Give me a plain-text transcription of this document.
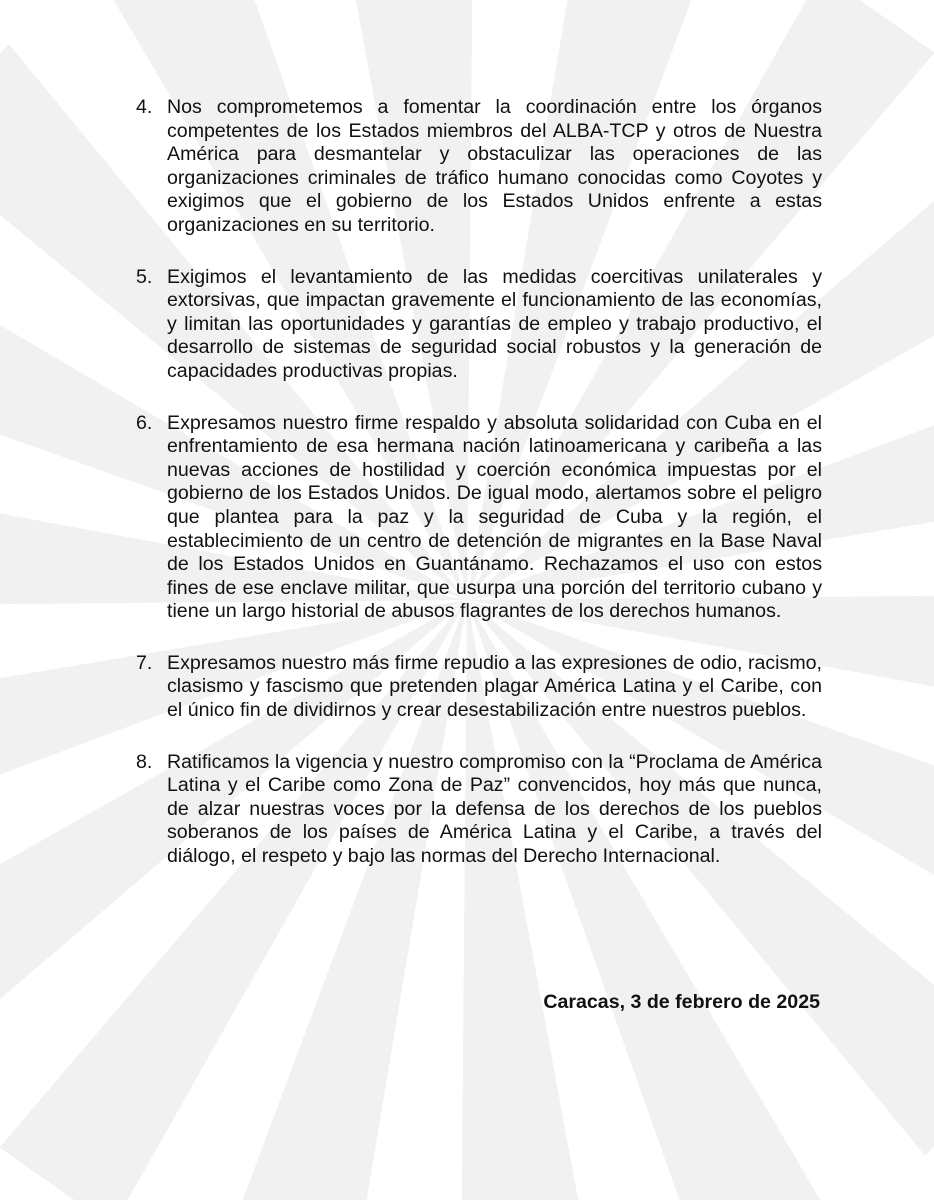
4. Nos comprometemos a fomentar la coordinación entre los órganos competentes de los Estados miembros del ALBA-TCP y otros de Nuestra América para desmantelar y obstaculizar las operaciones de las organizaciones criminales de tráfico humano conocidas como Coyotes y exigimos que el gobierno de los Estados Unidos enfrente a estas organizaciones en su territorio.
5. Exigimos el levantamiento de las medidas coercitivas unilaterales y extorsivas, que impactan gravemente el funcionamiento de las economías, y limitan las oportunidades y garantías de empleo y trabajo productivo, el desarrollo de sistemas de seguridad social robustos y la generación de capacidades productivas propias.
6. Expresamos nuestro firme respaldo y absoluta solidaridad con Cuba en el enfrentamiento de esa hermana nación latinoamericana y caribeña a las nuevas acciones de hostilidad y coerción económica impuestas por el gobierno de los Estados Unidos. De igual modo, alertamos sobre el peligro que plantea para la paz y la seguridad de Cuba y la región, el establecimiento de un centro de detención de migrantes en la Base Naval de los Estados Unidos en Guantánamo. Rechazamos el uso con estos fines de ese enclave militar, que usurpa una porción del territorio cubano y tiene un largo historial de abusos flagrantes de los derechos humanos.
7. Expresamos nuestro más firme repudio a las expresiones de odio, racismo, clasismo y fascismo que pretenden plagar América Latina y el Caribe, con el único fin de dividirnos y crear desestabilización entre nuestros pueblos.
8. Ratificamos la vigencia y nuestro compromiso con la “Proclama de América Latina y el Caribe como Zona de Paz” convencidos, hoy más que nunca, de alzar nuestras voces por la defensa de los derechos de los pueblos soberanos de los países de América Latina y el Caribe, a través del diálogo, el respeto y bajo las normas del Derecho Internacional.
Caracas, 3 de febrero de 2025
